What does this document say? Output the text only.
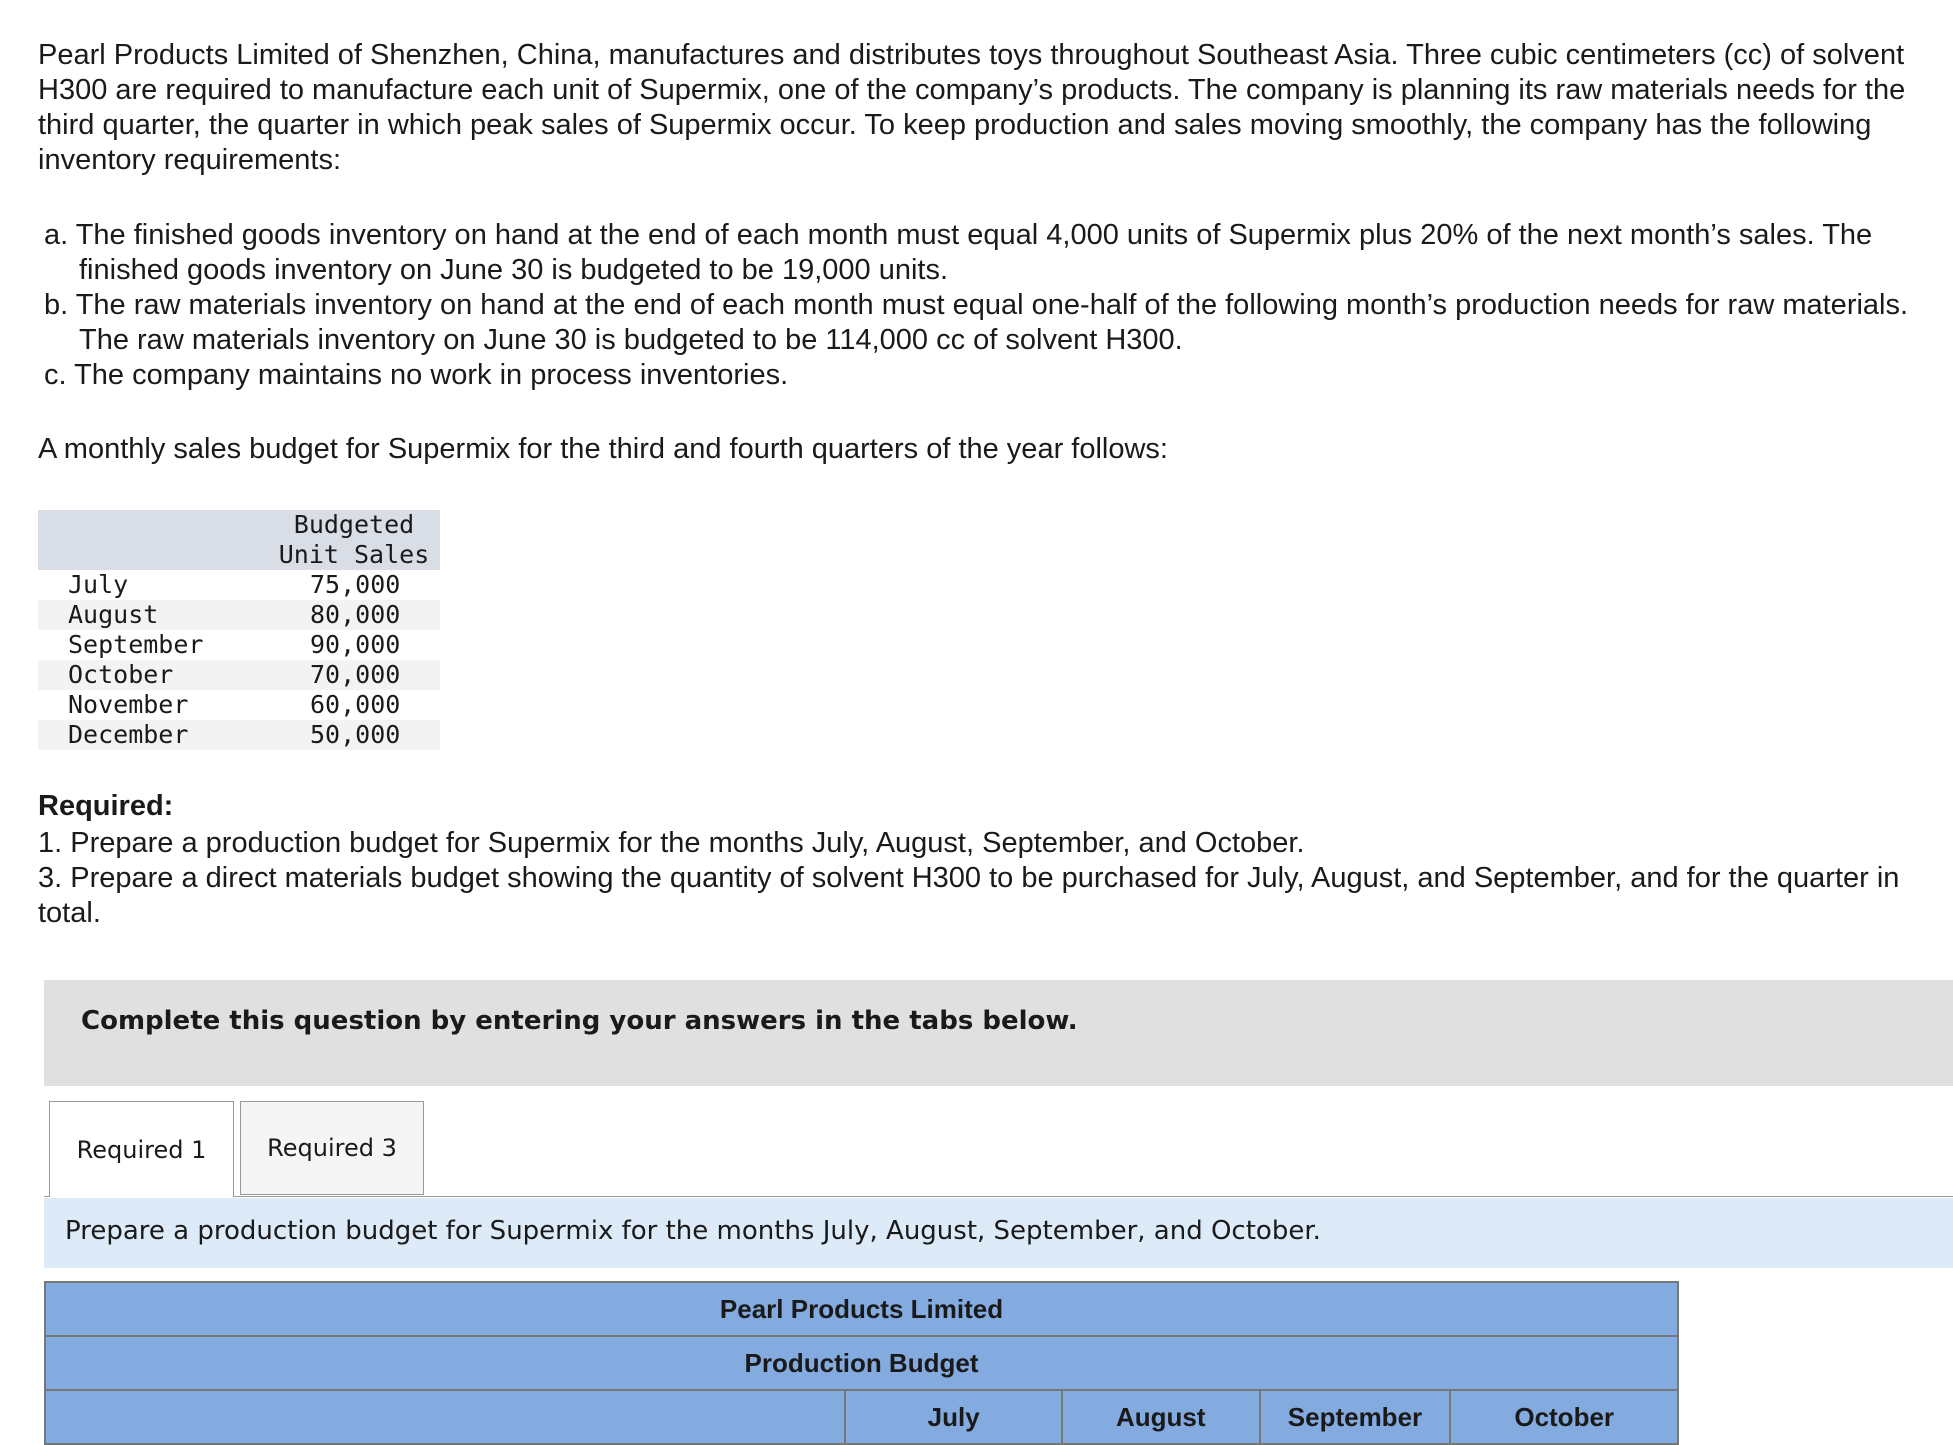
Pearl Products Limited of Shenzhen, China, manufactures and distributes toys throughout Southeast Asia. Three cubic centimeters (cc) of solvent H300 are required to manufacture each unit of Supermix, one of the company’s products. The company is planning its raw materials needs for the third quarter, the quarter in which peak sales of Supermix occur. To keep production and sales moving smoothly, the company has the following inventory requirements:

a. The finished goods inventory on hand at the end of each month must equal 4,000 units of Supermix plus 20% of the next month’s sales. The finished goods inventory on June 30 is budgeted to be 19,000 units.
b. The raw materials inventory on hand at the end of each month must equal one-half of the following month’s production needs for raw materials. The raw materials inventory on June 30 is budgeted to be 114,000 cc of solvent H300.
c. The company maintains no work in process inventories.

A monthly sales budget for Supermix for the third and fourth quarters of the year follows:

	Budgeted
Unit Sales
July	75,000
August	80,000
September	90,000
October	70,000
November	60,000
December	50,000

Required:

1. Prepare a production budget for Supermix for the months July, August, September, and October.
3. Prepare a direct materials budget showing the quantity of solvent H300 to be purchased for July, August, and September, and for the quarter in total.

Complete this question by entering your answers in the tabs below.

Required 1	Required 3

Prepare a production budget for Supermix for the months July, August, September, and October.

Pearl Products Limited
Production Budget
	July	August	September	October
